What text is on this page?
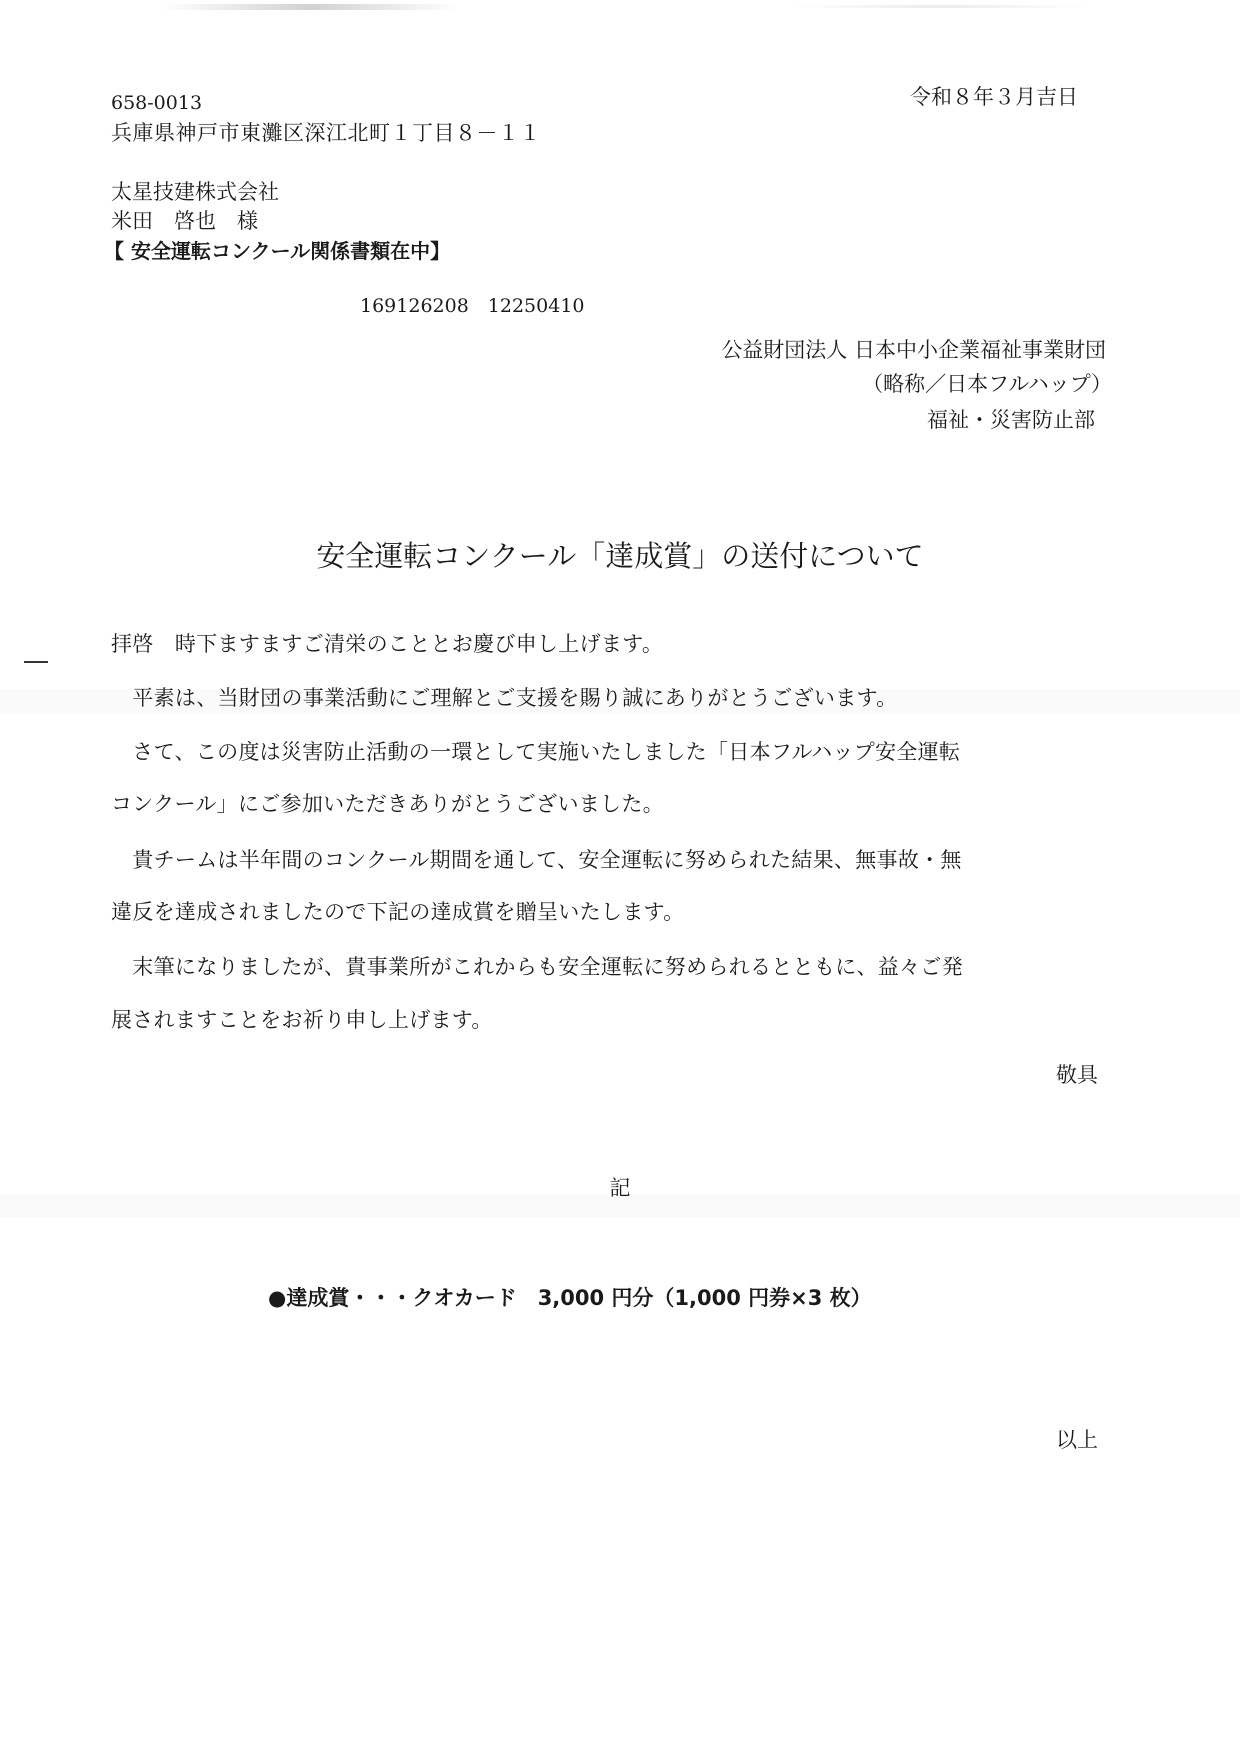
658-0013
兵庫県神戸市東灘区深江北町１丁目８－１１
令和８年３月吉日
太星技建株式会社
米田　啓也　様
【 安全運転コンクール関係書類在中】
169126208　12250410
公益財団法人 日本中小企業福祉事業財団
（略称／日本フルハップ）
福祉・災害防止部
安全運転コンクール「達成賞」の送付について
拝啓　時下ますますご清栄のこととお慶び申し上げます。
　平素は、当財団の事業活動にご理解とご支援を賜り誠にありがとうございます。
　さて、この度は災害防止活動の一環として実施いたしました「日本フルハップ安全運転
コンクール」にご参加いただきありがとうございました。
　貴チームは半年間のコンクール期間を通して、安全運転に努められた結果、無事故・無
違反を達成されましたので下記の達成賞を贈呈いたします。
　末筆になりましたが、貴事業所がこれからも安全運転に努められるとともに、益々ご発
展されますことをお祈り申し上げます。
敬具
記
●達成賞・・・クオカード　3,000 円分（1,000 円券×3 枚）
以上
